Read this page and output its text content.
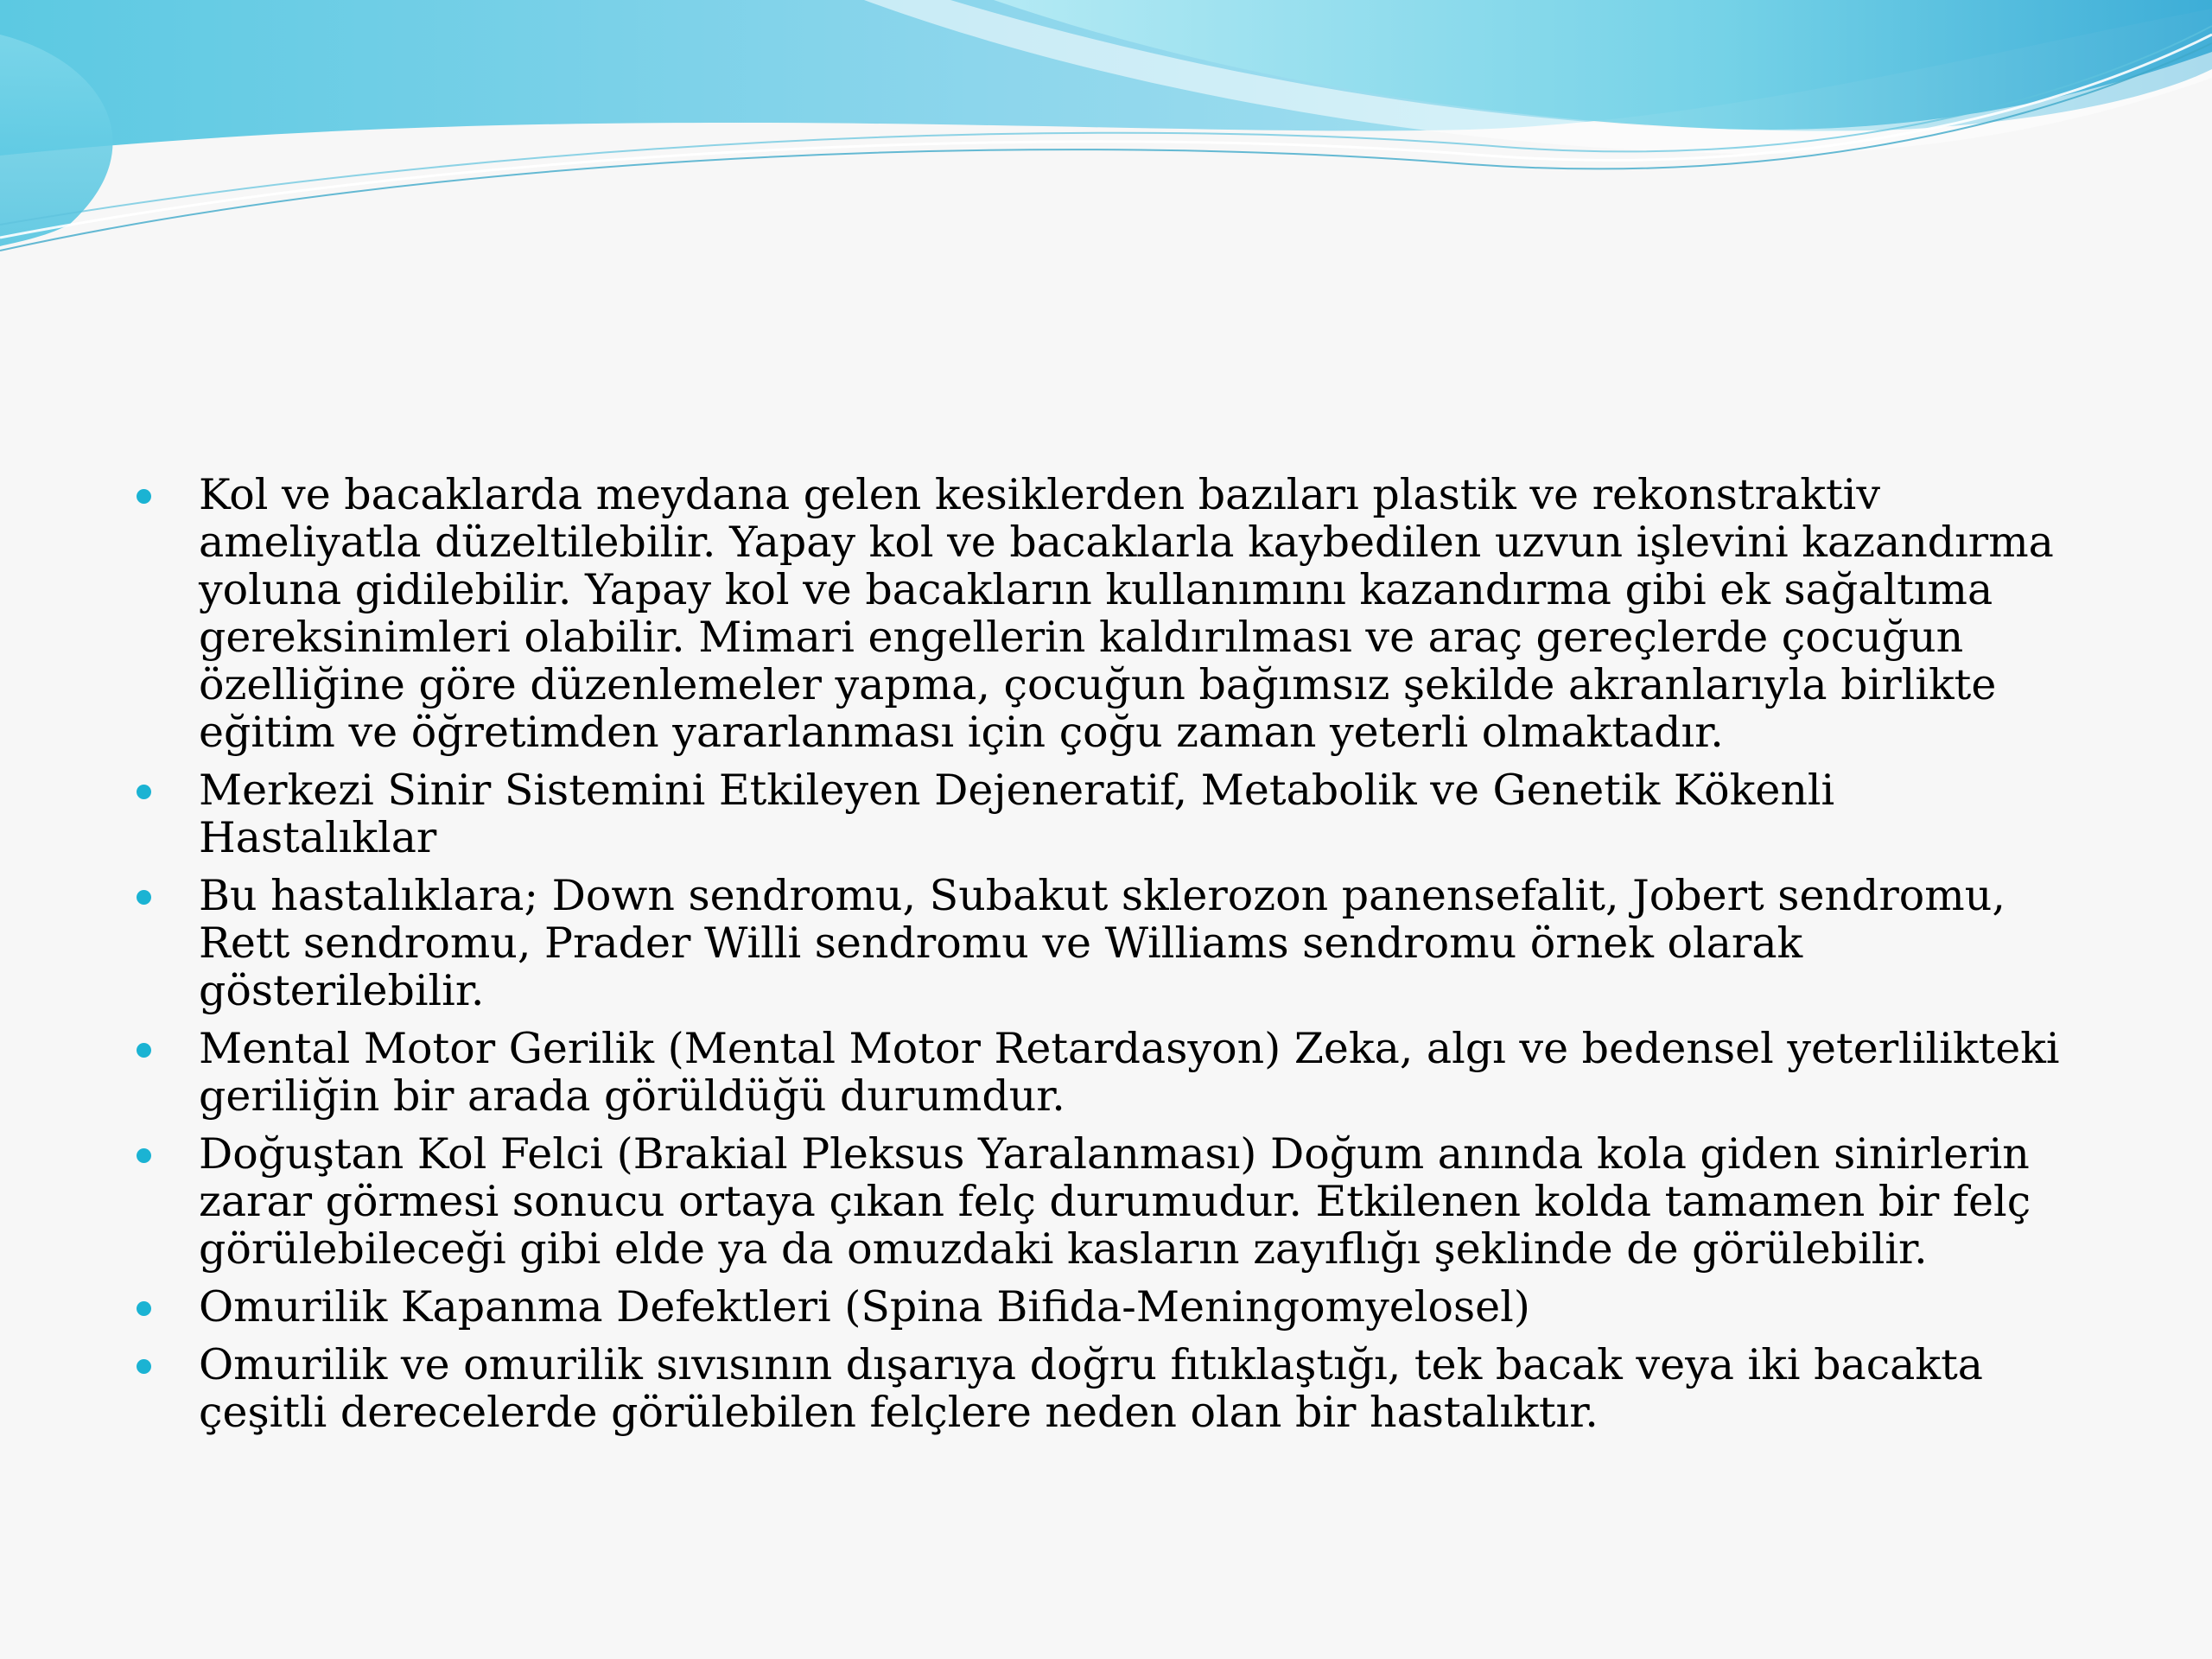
Kol ve bacaklarda meydana gelen kesiklerden bazıları plastik ve rekonstraktiv ameliyatla düzeltilebilir. Yapay kol ve bacaklarla kaybedilen uzvun işlevini kazandırma yoluna gidilebilir. Yapay kol ve bacakların kullanımını kazandırma gibi ek sağaltıma gereksinimleri olabilir. Mimari engellerin kaldırılması ve araç gereçlerde çocuğun özelliğine göre düzenlemeler yapma, çocuğun bağımsız şekilde akranlarıyla birlikte eğitim ve öğretimden yararlanması için çoğu zaman yeterli olmaktadır.
Merkezi Sinir Sistemini Etkileyen Dejeneratif, Metabolik ve Genetik Kökenli Hastalıklar
Bu hastalıklara; Down sendromu, Subakut sklerozon panensefalit, Jobert sendromu, Rett sendromu, Prader Willi sendromu ve Williams sendromu örnek olarak gösterilebilir.
Mental Motor Gerilik (Mental Motor Retardasyon) Zeka, algı ve bedensel yeterlilikteki geriliğin bir arada görüldüğü durumdur.
Doğuştan Kol Felci (Brakial Pleksus Yaralanması) Doğum anında kola giden sinirlerin zarar görmesi sonucu ortaya çıkan felç durumudur. Etkilenen kolda tamamen bir felç görülebileceği gibi elde ya da omuzdaki kasların zayıflığı şeklinde de görülebilir.
Omurilik Kapanma Defektleri (Spina Bifida-Meningomyelosel)
Omurilik ve omurilik sıvısının dışarıya doğru fıtıklaştığı, tek bacak veya iki bacakta çeşitli derecelerde görülebilen felçlere neden olan bir hastalıktır.
